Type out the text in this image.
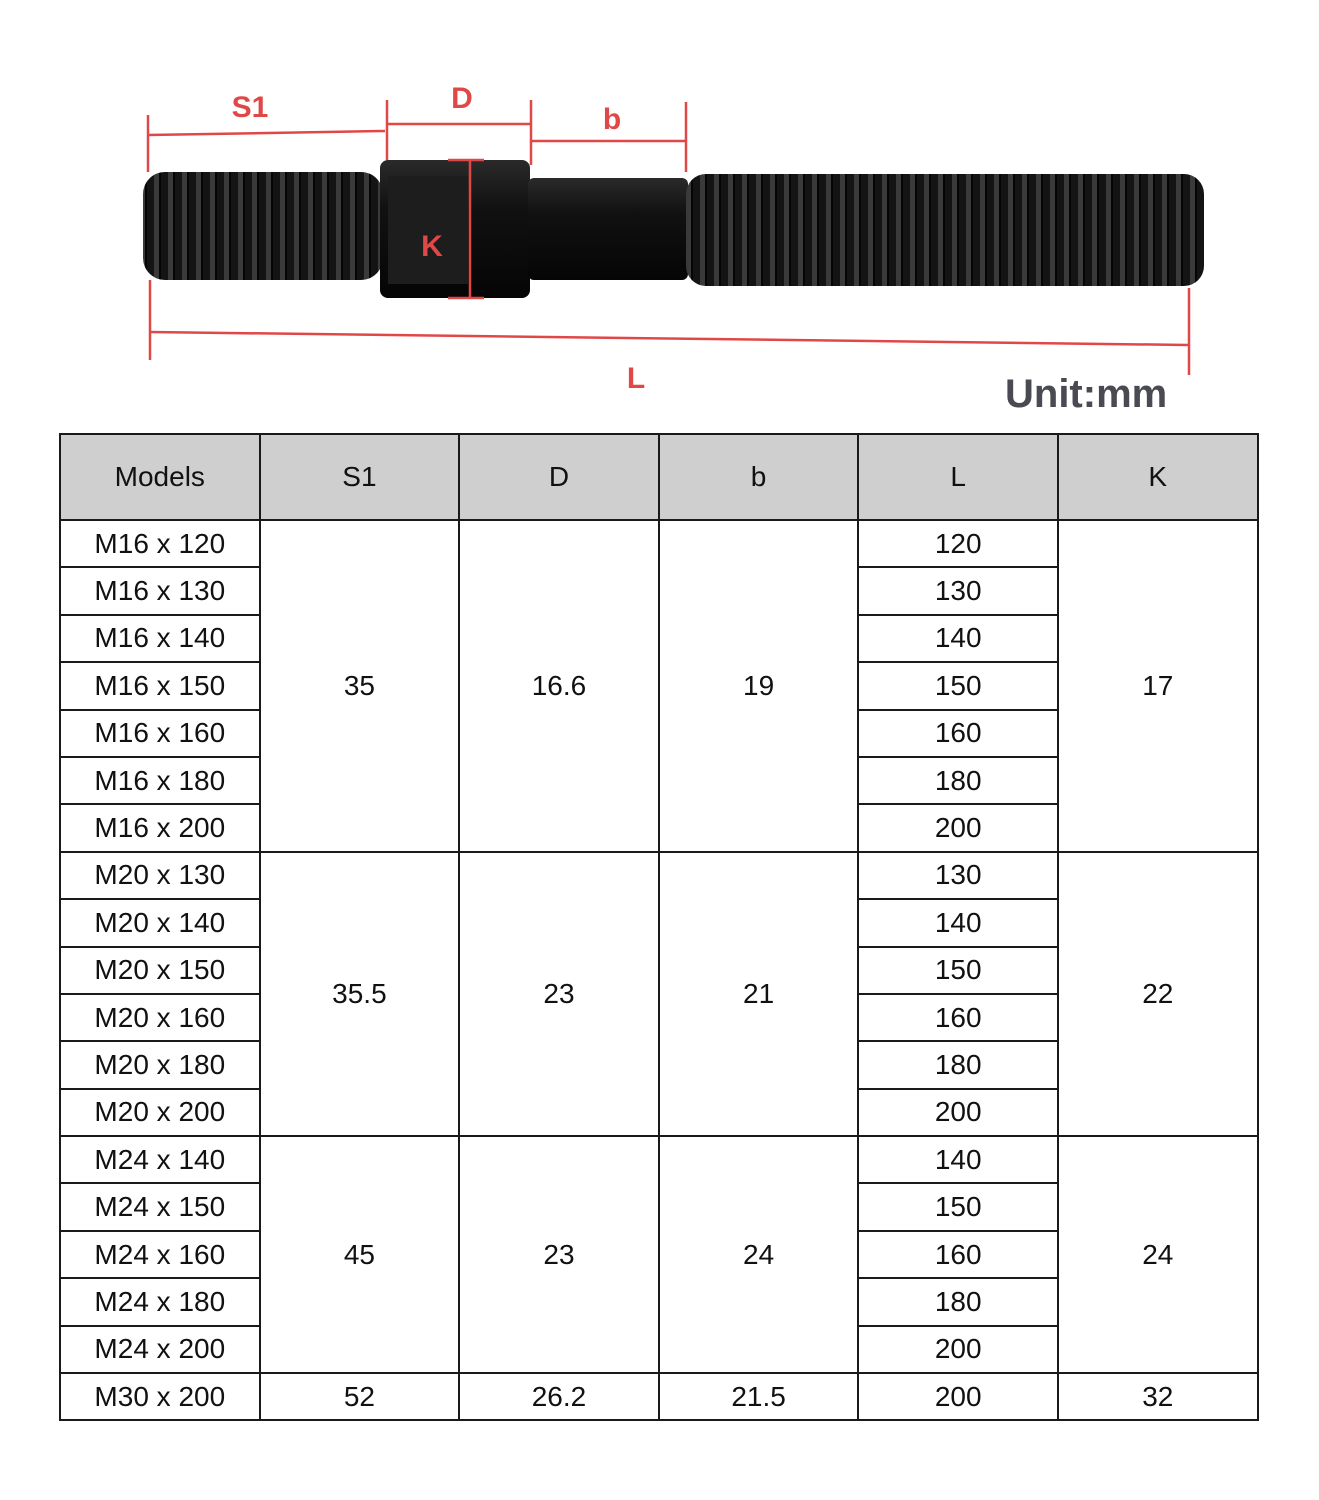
S1	D
b
K
L	Unit:mm
Models	S1	D	b	L	K
M16 x 120	35	16.6	19	120	17
M16 x 130				130	
M16 x 140				140	
M16 x 150				150	
M16 x 160				160	
M16 x 180				180	
M16 x 200				200	
M20 x 130	35.5	23	21	130	22
M20 x 140				140	
M20 x 150				150	
M20 x 160				160	
M20 x 180				180	
M20 x 200				200	
M24 x 140	45	23	24	140	24
M24 x 150				150	
M24 x 160				160	
M24 x 180				180	
M24 x 200				200	
M30 x 200	52	26.2	21.5	200	32
